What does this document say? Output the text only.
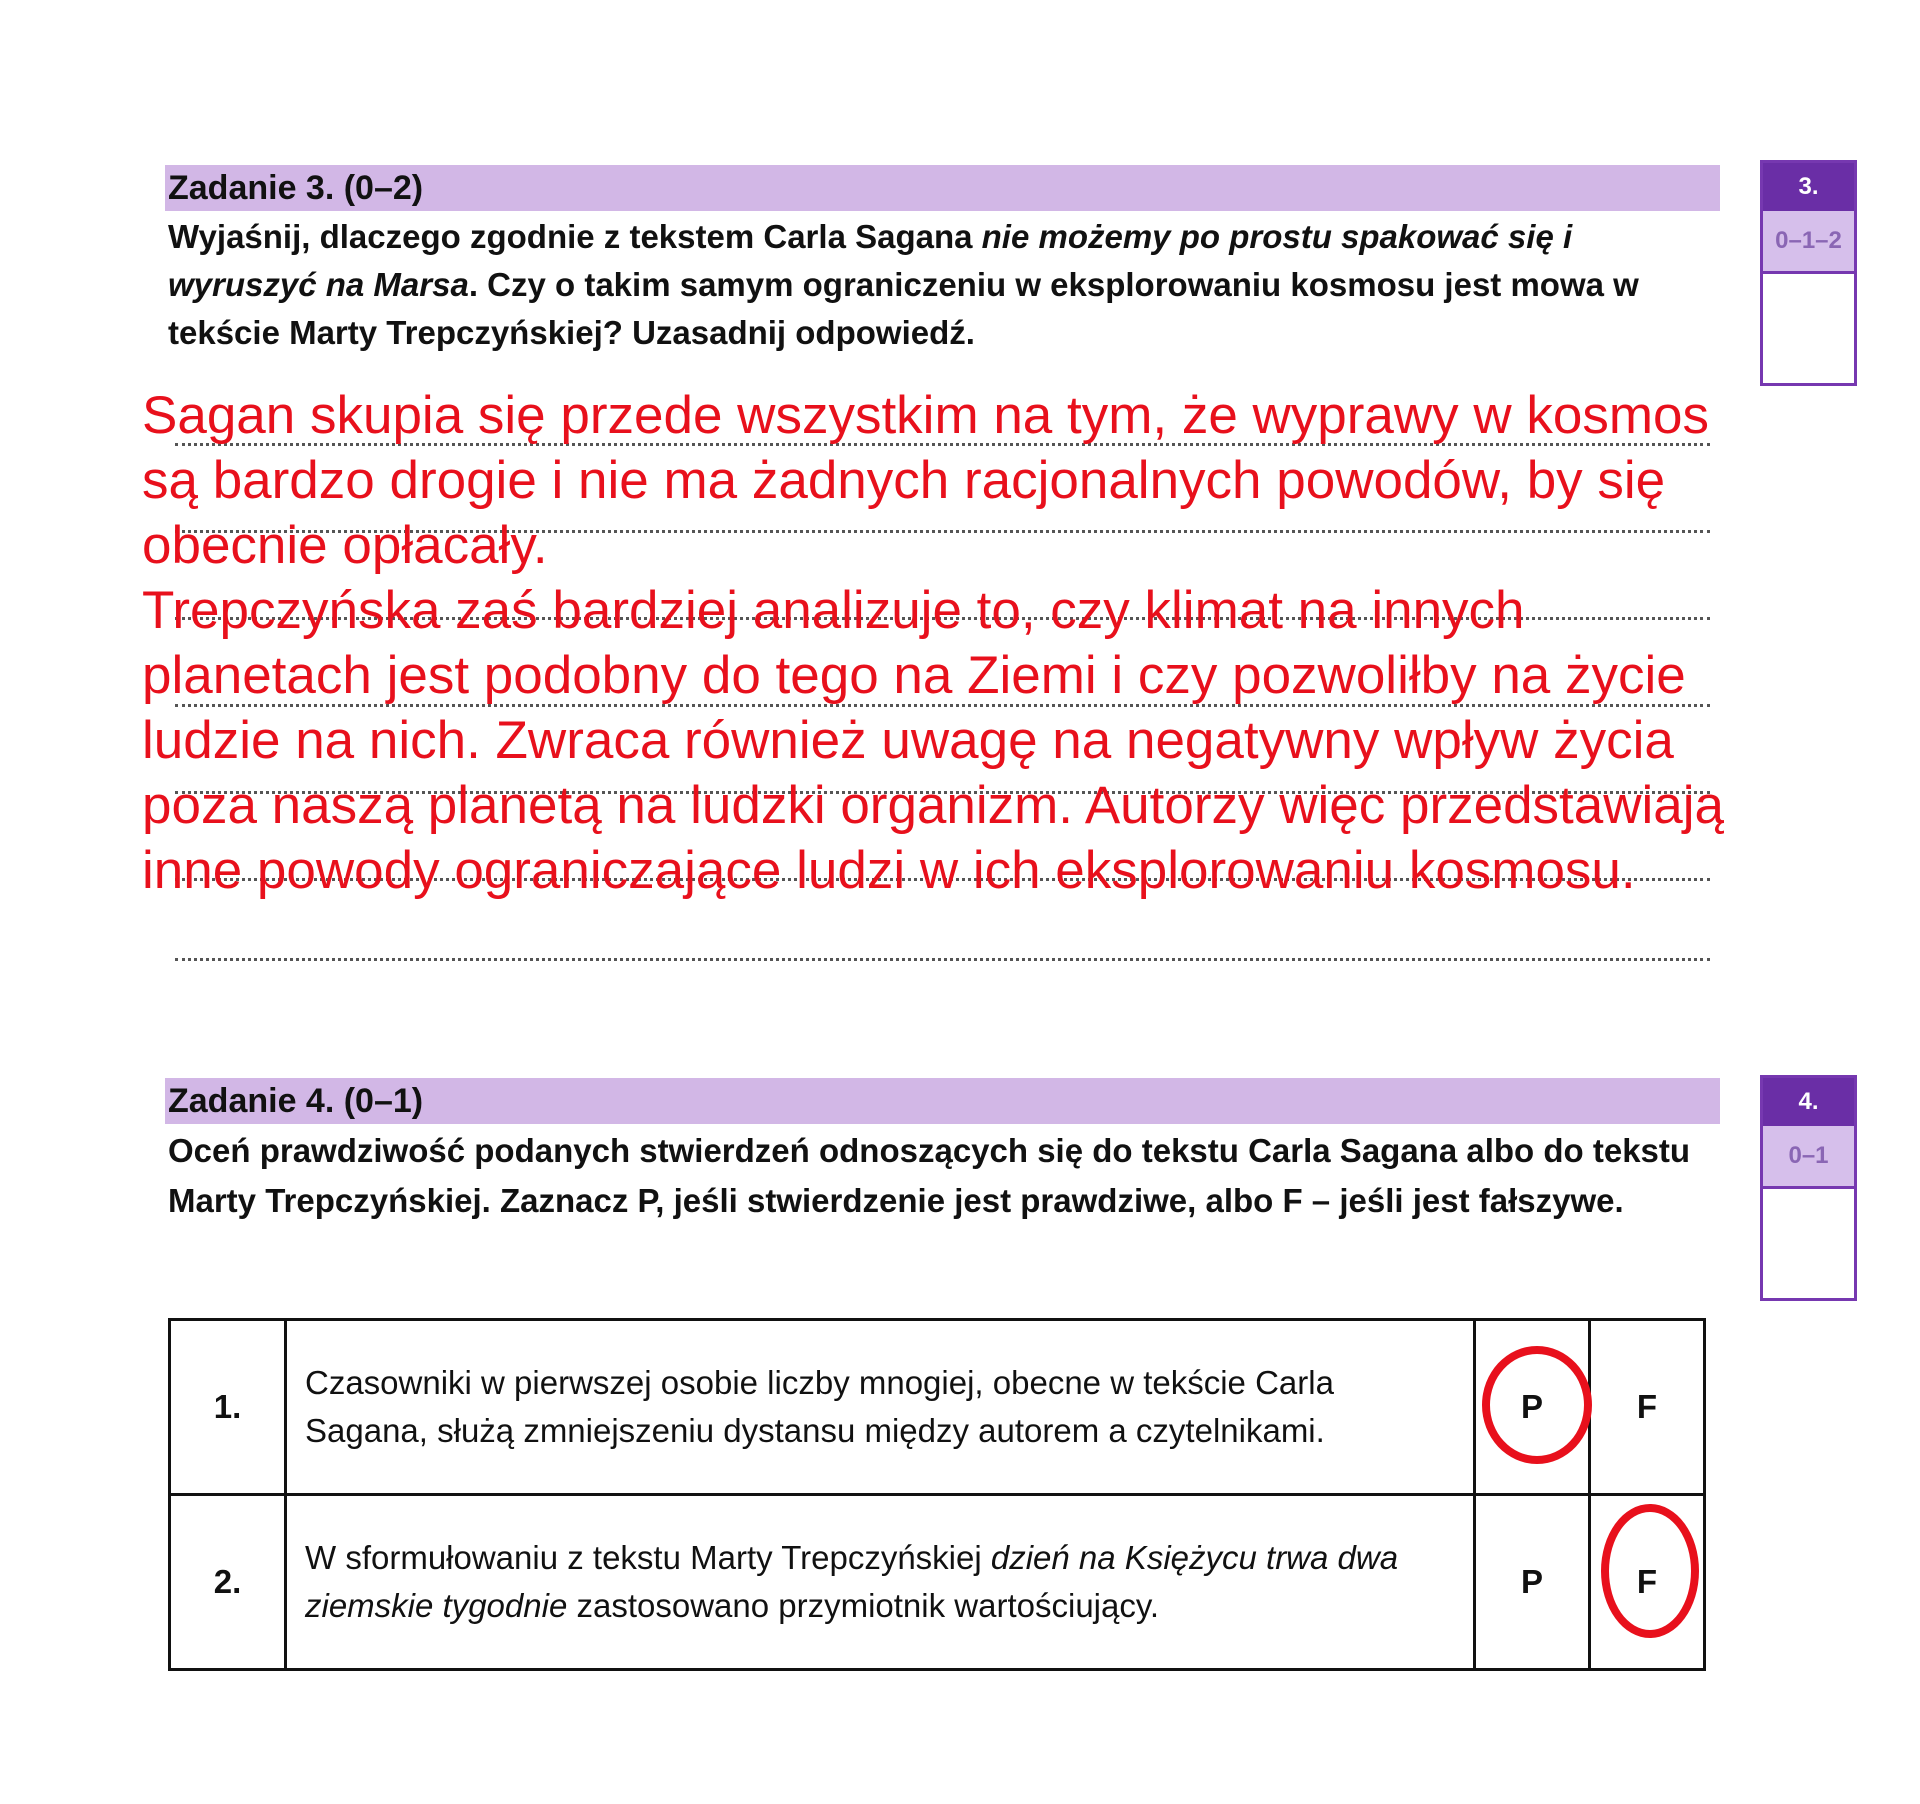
Zadanie 3. (0–2)
Wyjaśnij, dlaczego zgodnie z tekstem Carla Sagana nie możemy po prostu spakować się i wyruszyć na Marsa. Czy o takim samym ograniczeniu w eksplorowaniu kosmosu jest mowa w tekście Marty Trepczyńskiej? Uzasadnij odpowiedź.
3.
0–1–2
Sagan skupia się przede wszystkim na tym, że wyprawy w kosmos
są bardzo drogie i nie ma żadnych racjonalnych powodów, by się
obecnie opłacały.
Trepczyńska zaś bardziej analizuje to, czy klimat na innych
planetach jest podobny do tego na Ziemi i czy pozwoliłby na życie
ludzie na nich. Zwraca również uwagę na negatywny wpływ życia
poza naszą planetą na ludzki organizm. Autorzy więc przedstawiają
inne powody ograniczające ludzi w ich eksplorowaniu kosmosu.
Zadanie 4. (0–1)
Oceń prawdziwość podanych stwierdzeń odnoszących się do tekstu Carla Sagana albo do tekstu Marty Trepczyńskiej. Zaznacz P, jeśli stwierdzenie jest prawdziwe, albo F – jeśli jest fałszywe.
4.
0–1
1.	Czasowniki w pierwszej osobie liczby mnogiej, obecne w tekście Carla Sagana, służą zmniejszeniu dystansu między autorem a czytelnikami.	P	F
2.	W sformułowaniu z tekstu Marty Trepczyńskiej dzień na Księżycu trwa dwa ziemskie tygodnie zastosowano przymiotnik wartościujący.	P	F
